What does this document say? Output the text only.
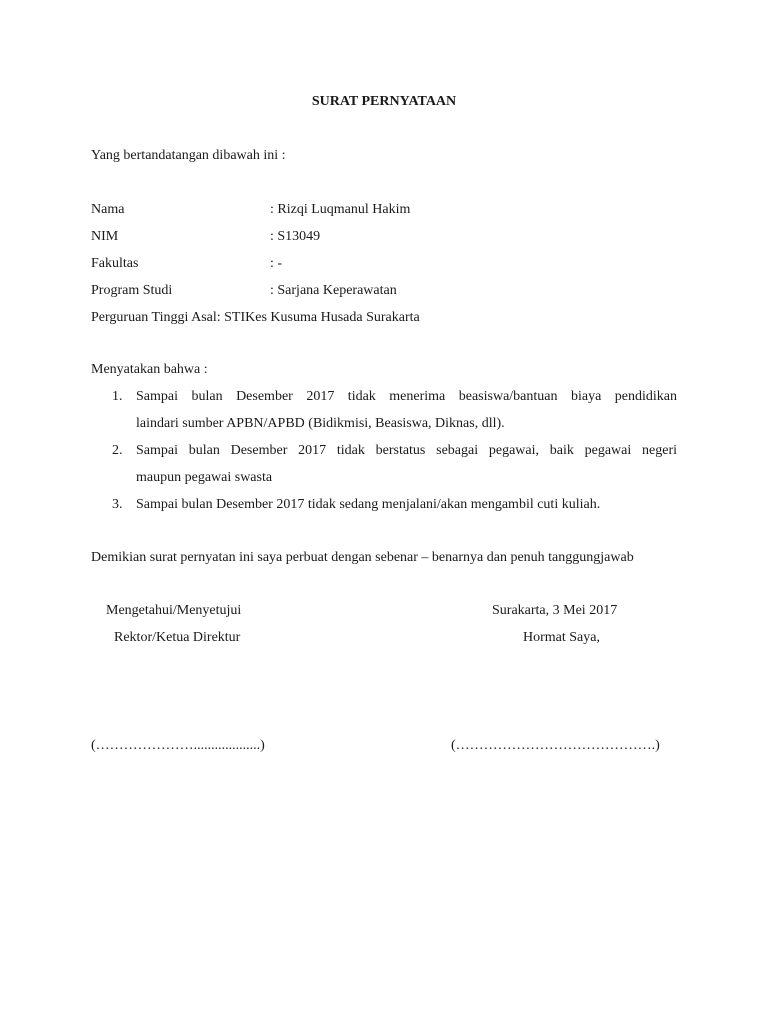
SURAT PERNYATAAN
Yang bertandatangan dibawah ini :
Nama	: Rizqi Luqmanul Hakim
NIM	: S13049
Fakultas	: -
Program Studi	: Sarjana Keperawatan
Perguruan Tinggi Asal: STIKes Kusuma Husada Surakarta
Menyatakan bahwa :
1. Sampai bulan Desember 2017 tidak menerima beasiswa/bantuan biaya pendidikan
laindari sumber APBN/APBD (Bidikmisi, Beasiswa, Diknas, dll).
2. Sampai bulan Desember 2017 tidak berstatus sebagai pegawai, baik pegawai negeri
maupun pegawai swasta
3. Sampai bulan Desember 2017 tidak sedang menjalani/akan mengambil cuti kuliah.
Demikian surat pernyatan ini saya perbuat dengan sebenar – benarnya dan penuh tanggungjawab
Mengetahui/Menyetujui
Rektor/Ketua Direktur
Surakarta, 3 Mei 2017
Hormat Saya,
(…………………...................)	(…………………………………….)
